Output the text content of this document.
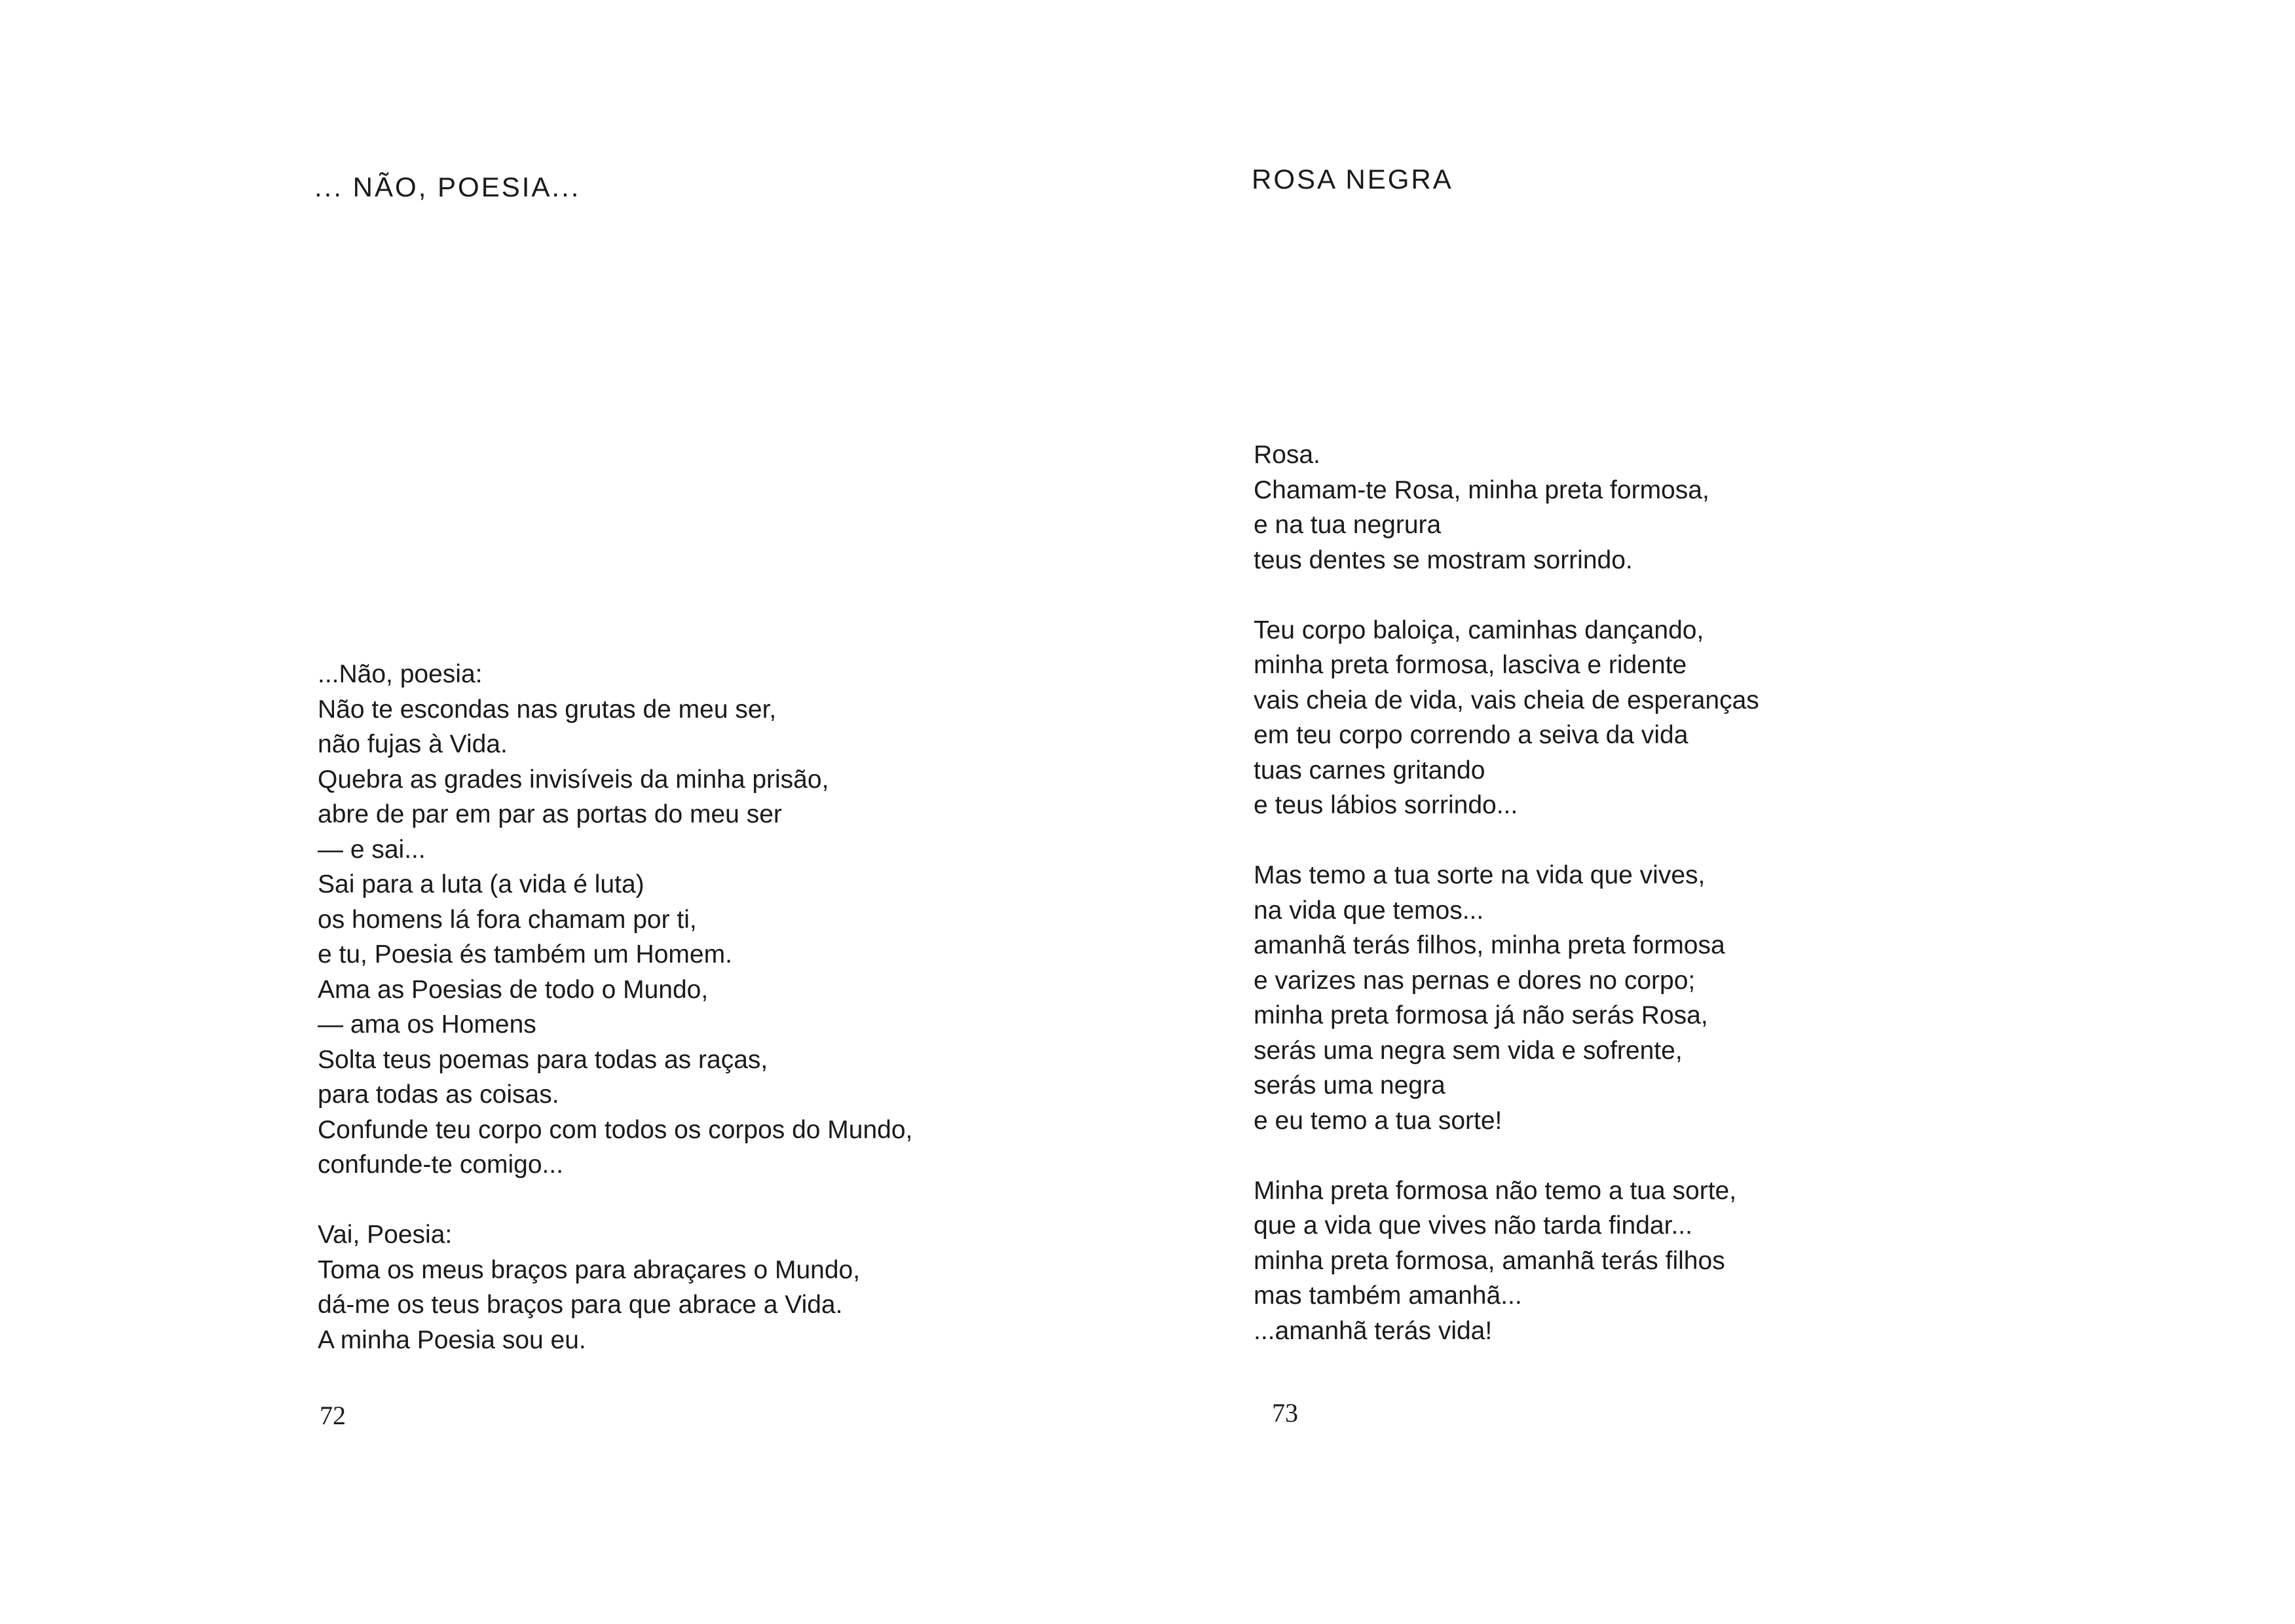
... NÃO, POESIA...
...Não, poesia:
Não te escondas nas grutas de meu ser,
não fujas à Vida.
Quebra as grades invisíveis da minha prisão,
abre de par em par as portas do meu ser
— e sai...
Sai para a luta (a vida é luta)
os homens lá fora chamam por ti,
e tu, Poesia és também um Homem.
Ama as Poesias de todo o Mundo,
— ama os Homens
Solta teus poemas para todas as raças,
para todas as coisas.
Confunde teu corpo com todos os corpos do Mundo,
confunde-te comigo...
Vai, Poesia:
Toma os meus braços para abraçares o Mundo,
dá-me os teus braços para que abrace a Vida.
A minha Poesia sou eu.

72

ROSA NEGRA
Rosa.
Chamam-te Rosa, minha preta formosa,
e na tua negrura
teus dentes se mostram sorrindo.
Teu corpo baloiça, caminhas dançando,
minha preta formosa, lasciva e ridente
vais cheia de vida, vais cheia de esperanças
em teu corpo correndo a seiva da vida
tuas carnes gritando
e teus lábios sorrindo...
Mas temo a tua sorte na vida que vives,
na vida que temos...
amanhã terás filhos, minha preta formosa
e varizes nas pernas e dores no corpo;
minha preta formosa já não serás Rosa,
serás uma negra sem vida e sofrente,
serás uma negra
e eu temo a tua sorte!
Minha preta formosa não temo a tua sorte,
que a vida que vives não tarda findar...
minha preta formosa, amanhã terás filhos
mas também amanhã...
...amanhã terás vida!

73
